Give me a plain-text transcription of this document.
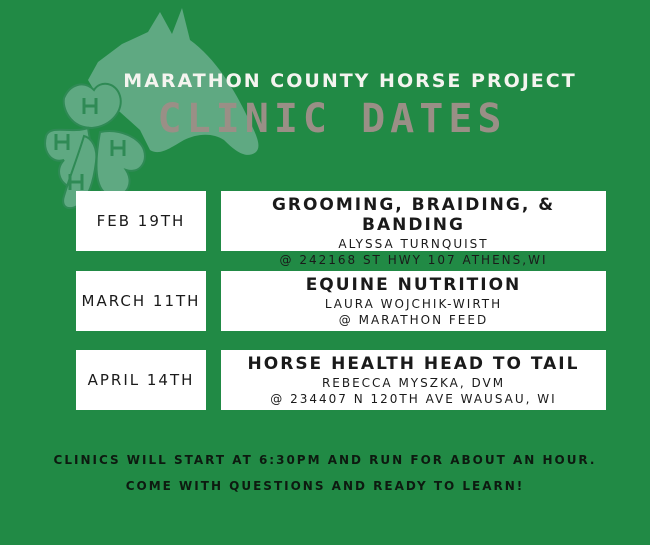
MARATHON COUNTY HORSE PROJECT
CLINIC DATES
FEB 19TH
GROOMING, BRAIDING, & BANDING
ALYSSA TURNQUIST
@ 242168 ST HWY 107 ATHENS,WI
MARCH 11TH
EQUINE NUTRITION
LAURA WOJCHIK-WIRTH
@ MARATHON FEED
APRIL 14TH
HORSE HEALTH HEAD TO TAIL
REBECCA MYSZKA, DVM
@ 234407 N 120TH AVE WAUSAU, WI
CLINICS WILL START AT 6:30PM AND RUN FOR ABOUT AN HOUR.
COME WITH QUESTIONS AND READY TO LEARN!
